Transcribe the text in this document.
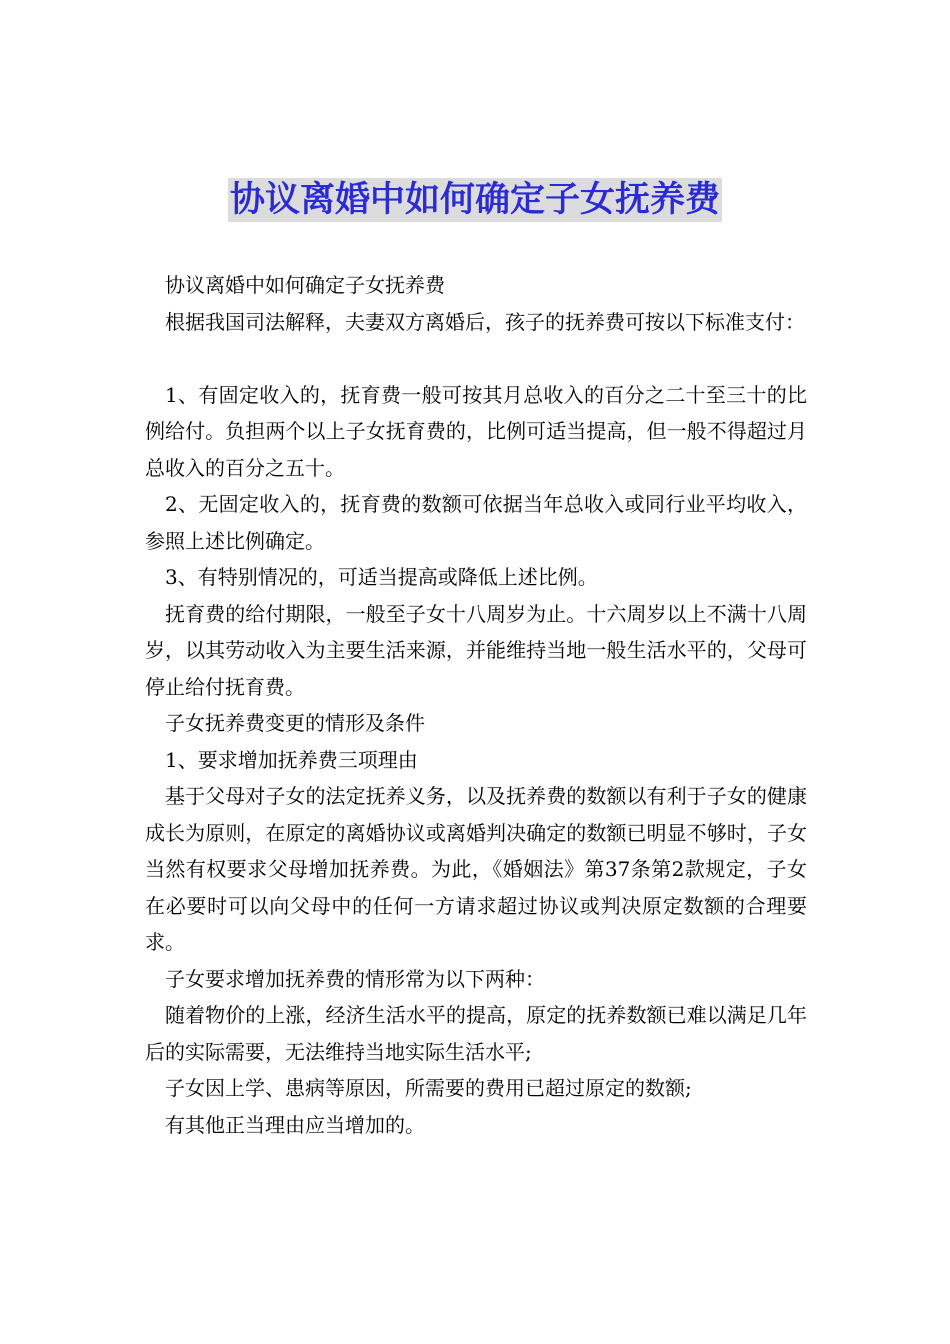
协议离婚中如何确定子女抚养费

协议离婚中如何确定子女抚养费

根据我国司法解释，夫妻双方离婚后，孩子的抚养费可按以下标准支付：

1、有固定收入的，抚育费一般可按其月总收入的百分之二十至三十的比例给付。负担两个以上子女抚育费的，比例可适当提高，但一般不得超过月总收入的百分之五十。

2、无固定收入的，抚育费的数额可依据当年总收入或同行业平均收入，参照上述比例确定。

3、有特别情况的，可适当提高或降低上述比例。

抚育费的给付期限，一般至子女十八周岁为止。十六周岁以上不满十八周岁，以其劳动收入为主要生活来源，并能维持当地一般生活水平的，父母可停止给付抚育费。

子女抚养费变更的情形及条件

1、要求增加抚养费三项理由

基于父母对子女的法定抚养义务，以及抚养费的数额以有利于子女的健康成长为原则，在原定的离婚协议或离婚判决确定的数额已明显不够时，子女当然有权要求父母增加抚养费。为此，《婚姻法》第37条第2款规定，子女在必要时可以向父母中的任何一方请求超过协议或判决原定数额的合理要求。

子女要求增加抚养费的情形常为以下两种：

随着物价的上涨，经济生活水平的提高，原定的抚养数额已难以满足几年后的实际需要，无法维持当地实际生活水平;

子女因上学、患病等原因，所需要的费用已超过原定的数额;

有其他正当理由应当增加的。
